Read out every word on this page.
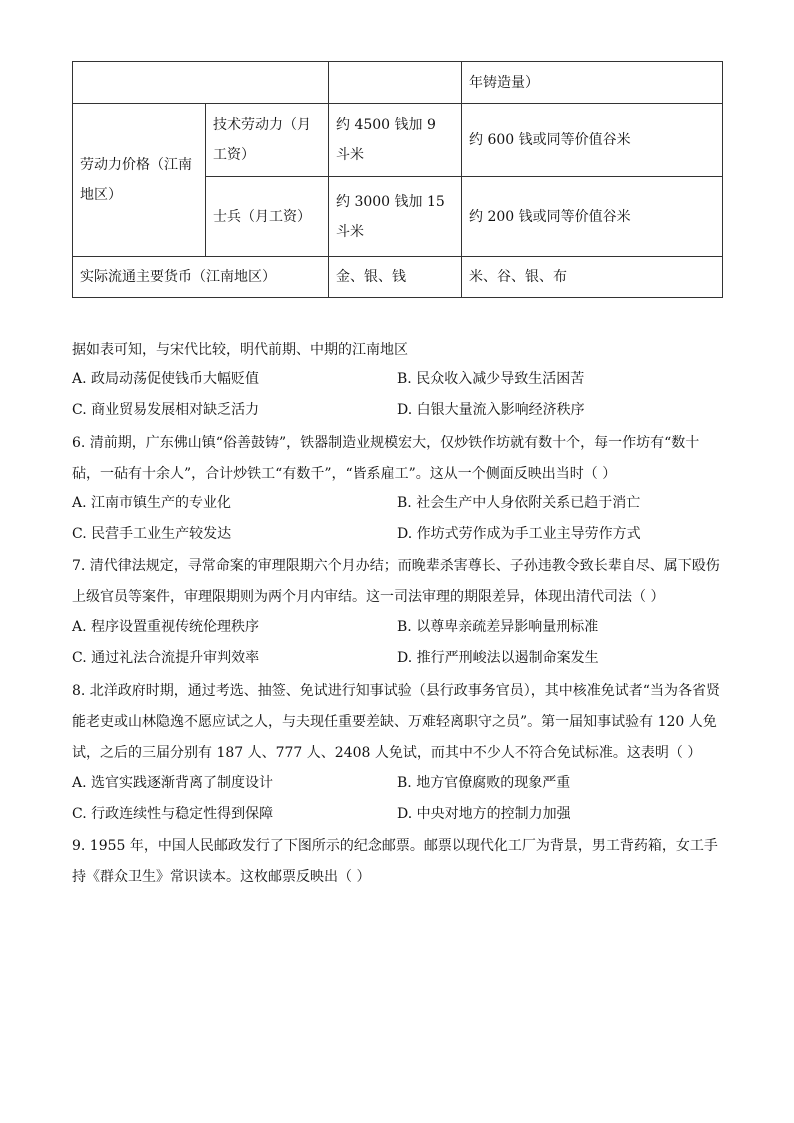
			年铸造量）
劳动力价格（江南地区）	技术劳动力（月工资）	约 4500 钱加 9 斗米	约 600 钱或同等价值谷米
	士兵（月工资）	约 3000 钱加 15 斗米	约 200 钱或同等价值谷米
实际流通主要货币（江南地区）		金、银、钱	米、谷、银、布
据如表可知，与宋代比较，明代前期、中期的江南地区
A. 政局动荡促使钱币大幅贬值	B. 民众收入减少导致生活困苦
C. 商业贸易发展相对缺乏活力	D. 白银大量流入影响经济秩序
6. 清前期，广东佛山镇“俗善鼓铸”，铁器制造业规模宏大，仅炒铁作坊就有数十个，每一作坊有“数十砧，一砧有十余人”，合计炒铁工“有数千”，“皆系雇工”。这从一个侧面反映出当时（ ）
A. 江南市镇生产的专业化	B. 社会生产中人身依附关系已趋于消亡
C. 民营手工业生产较发达	D. 作坊式劳作成为手工业主导劳作方式
7. 清代律法规定，寻常命案的审理限期六个月办结；而晚辈杀害尊长、子孙违教令致长辈自尽、属下殴伤上级官员等案件，审理限期则为两个月内审结。这一司法审理的期限差异，体现出清代司法（ ）
A. 程序设置重视传统伦理秩序	B. 以尊卑亲疏差异影响量刑标准
C. 通过礼法合流提升审判效率	D. 推行严刑峻法以遏制命案发生
8. 北洋政府时期，通过考选、抽签、免试进行知事试验（县行政事务官员），其中核准免试者“当为各省贤能老吏或山林隐逸不愿应试之人，与夫现任重要差缺、万难轻离职守之员”。第一届知事试验有 120 人免试，之后的三届分别有 187 人、777 人、2408 人免试，而其中不少人不符合免试标准。这表明（ ）
A. 选官实践逐渐背离了制度设计	B. 地方官僚腐败的现象严重
C. 行政连续性与稳定性得到保障	D. 中央对地方的控制力加强
9. 1955 年，中国人民邮政发行了下图所示的纪念邮票。邮票以现代化工厂为背景，男工背药箱，女工手持《群众卫生》常识读本。这枚邮票反映出（ ）
